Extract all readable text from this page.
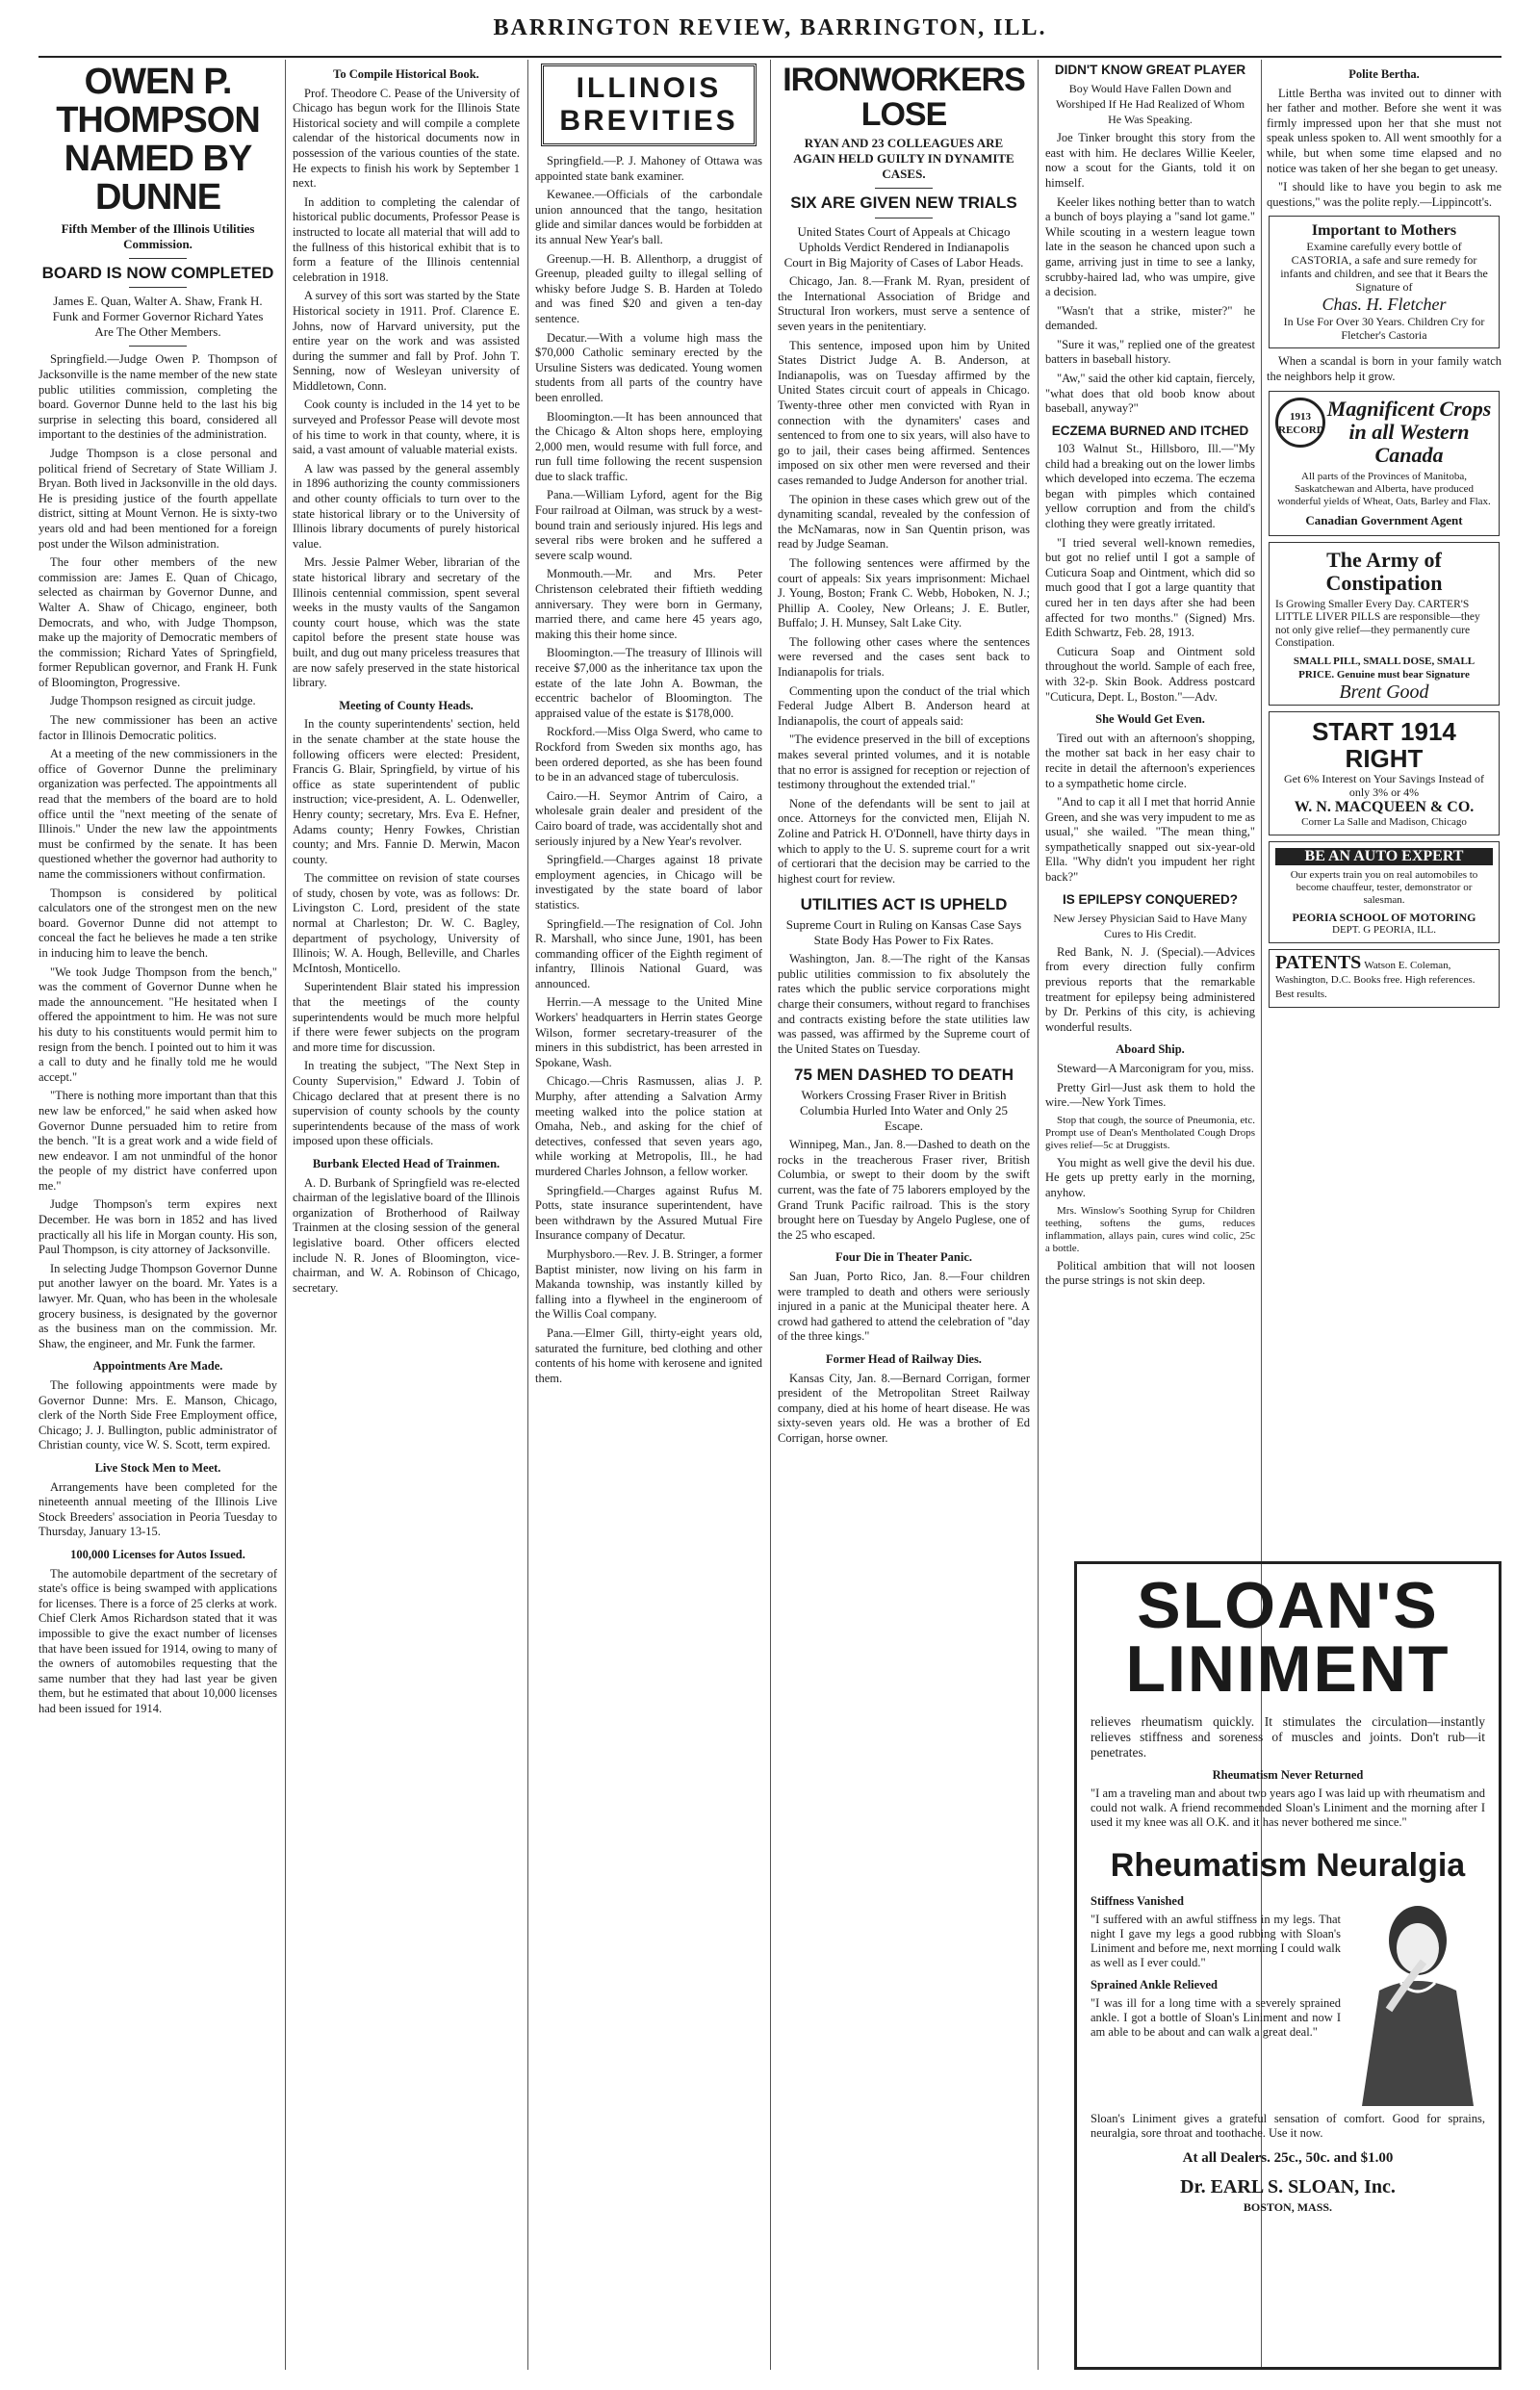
BARRINGTON REVIEW, BARRINGTON, ILL.
OWEN P. THOMPSON NAMED BY DUNNE
Fifth Member of the Illinois Utilities Commission.
BOARD IS NOW COMPLETED
James E. Quan, Walter A. Shaw, Frank H. Funk and Former Governor Richard Yates Are The Other Members.

Springfield.—Judge Owen P. Thompson of Jacksonville is the name member of the new state public utilities commission, completing the board. Governor Dunne held to the last his big surprise in selecting this board, considered all important to the destinies of the administration.

Judge Thompson is a close personal and political friend of Secretary of State William J. Bryan. Both lived in Jacksonville in the old days. He is presiding justice of the fourth appellate district, sitting at Mount Vernon. He is sixty-two years old and had been mentioned for a foreign post under the Wilson administration.

The four other members of the new commission are: James E. Quan of Chicago, selected as chairman by Governor Dunne, and Walter A. Shaw of Chicago, engineer, both Democrats, and who, with Judge Thompson, make up the majority of Democratic members of the commission; Richard Yates of Springfield, former Republican governor, and Frank H. Funk of Bloomington, Progressive.

Judge Thompson resigned as circuit judge.

The new commissioner has been an active factor in Illinois Democratic politics.

At a meeting of the new commissioners in the office of Governor Dunne the preliminary organization was perfected. The appointments all read that the members of the board are to hold office until the "next meeting of the senate of Illinois." Under the new law the appointments must be confirmed by the senate. It has been questioned whether the governor had authority to name the commissioners without confirmation.

Thompson is considered by political calculators one of the strongest men on the new board. Governor Dunne did not attempt to conceal the fact he believes he made a ten strike in inducing him to leave the bench.

"We took Judge Thompson from the bench," was the comment of Governor Dunne when he made the announcement. "He hesitated when I offered the appointment to him. He was not sure his duty to his constituents would permit him to resign from the bench. I pointed out to him it was a call to duty and he finally told me he would accept."

"There is nothing more important than that this new law be enforced," he said when asked how Governor Dunne persuaded him to retire from the bench. "It is a great work and a wide field of new endeavor. I am not unmindful of the honor the people of my district have conferred upon me."

Judge Thompson's term expires next December. He was born in 1852 and has lived practically all his life in Morgan county. His son, Paul Thompson, is city attorney of Jacksonville.

In selecting Judge Thompson Governor Dunne put another lawyer on the board. Mr. Yates is a lawyer. Mr. Quan, who has been in the wholesale grocery business, is designated by the governor as the business man on the commission. Mr. Shaw, the engineer, and Mr. Funk the farmer.

Appointments Are Made.

The following appointments were made by Governor Dunne: Mrs. E. Manson, Chicago, clerk of the North Side Free Employment office, Chicago; J. J. Bullington, public administrator of Christian county, vice W. S. Scott, term expired.

Live Stock Men to Meet.

Arrangements have been completed for the nineteenth annual meeting of the Illinois Live Stock Breeders' association in Peoria Tuesday to Thursday, January 13-15.

100,000 Licenses for Autos Issued.

The automobile department of the secretary of state's office is being swamped with applications for licenses. There is a force of 25 clerks at work. Chief Clerk Amos Richardson stated that it was impossible to give the exact number of licenses that have been issued for 1914, owing to many of the owners of automobiles requesting that the same number that they had last year be given them, but he estimated that about 10,000 licenses had been issued for 1914.

To Compile Historical Book.

Prof. Theodore C. Pease of the University of Chicago has begun work for the Illinois State Historical society and will compile a complete calendar of the historical documents now in possession of the various counties of the state. He expects to finish his work by September 1 next.

In addition to completing the calendar of historical public documents, Professor Pease is instructed to locate all material that will add to the fullness of this historical exhibit that is to form a feature of the Illinois centennial celebration in 1918.

A survey of this sort was started by the State Historical society in 1911. Prof. Clarence E. Johns, now of Harvard university, put the entire year on the work and was assisted during the summer and fall by Prof. John T. Senning, now of Wesleyan university of Middletown, Conn.

Cook county is included in the 14 yet to be surveyed and Professor Pease will devote most of his time to work in that county, where, it is said, a vast amount of valuable material exists.

A law was passed by the general assembly in 1896 authorizing the county commissioners and other county officials to turn over to the state historical library or to the University of Illinois library documents of purely historical value.

Mrs. Jessie Palmer Weber, librarian of the state historical library and secretary of the Illinois centennial commission, spent several weeks in the musty vaults of the Sangamon county court house, which was the state capitol before the present state house was built, and dug out many priceless treasures that are now safely preserved in the state historical library.

Meeting of County Heads.

In the county superintendents' section, held in the senate chamber at the state house the following officers were elected: President, Francis G. Blair, Springfield, by virtue of his office as state superintendent of public instruction; vice-president, A. L. Odenweller, Henry county; secretary, Mrs. Eva E. Hefner, Adams county; Henry Fowkes, Christian county; and Mrs. Fannie D. Merwin, Macon county.

The committee on revision of state courses of study, chosen by vote, was as follows: Dr. Livingston C. Lord, president of the state normal at Charleston; Dr. W. C. Bagley, department of psychology, University of Illinois; W. A. Hough, Belleville, and Charles McIntosh, Monticello.

Superintendent Blair stated his impression that the meetings of the county superintendents would be much more helpful if there were fewer subjects on the program and more time for discussion.

In treating the subject, "The Next Step in County Supervision," Edward J. Tobin of Chicago declared that at present there is no supervision of county schools by the county superintendents because of the mass of work imposed upon these officials.

Burbank Elected Head of Trainmen.

A. D. Burbank of Springfield was re-elected chairman of the legislative board of the Illinois organization of Brotherhood of Railway Trainmen at the closing session of the general legislative board. Other officers elected include N. R. Jones of Bloomington, vice-chairman, and W. A. Robinson of Chicago, secretary.

ILLINOIS BREVITIES

Springfield.—P. J. Mahoney of Ottawa was appointed state bank examiner.

Kewanee.—Officials of the carbondale union announced that the tango, hesitation glide and similar dances would be forbidden at its annual New Year's ball.

Greenup.—H. B. Allenthorp, a druggist of Greenup, pleaded guilty to illegal selling of whisky before Judge S. B. Harden at Toledo and was fined $20 and given a ten-day sentence.

Decatur.—With a volume high mass the $70,000 Catholic seminary erected by the Ursuline Sisters was dedicated. Young women students from all parts of the country have been enrolled.

Bloomington.—It has been announced that the Chicago & Alton shops here, employing 2,000 men, would resume with full force, and run full time following the recent suspension due to slack traffic.

Pana.—William Lyford, agent for the Big Four railroad at Oilman, was struck by a west-bound train and seriously injured. His legs and several ribs were broken and he suffered a severe scalp wound.

Monmouth.—Mr. and Mrs. Peter Christenson celebrated their fiftieth wedding anniversary. They were born in Germany, married there, and came here 45 years ago, making this their home since.

Bloomington.—The treasury of Illinois will receive $7,000 as the inheritance tax upon the estate of the late John A. Bowman, the eccentric bachelor of Bloomington. The appraised value of the estate is $178,000.

Rockford.—Miss Olga Swerd, who came to Rockford from Sweden six months ago, has been ordered deported, as she has been found to be in an advanced stage of tuberculosis.

Cairo.—H. Seymor Antrim of Cairo, a wholesale grain dealer and president of the Cairo board of trade, was accidentally shot and seriously injured by a New Year's revolver.

Springfield.—Charges against 18 private employment agencies, in Chicago will be investigated by the state board of labor statistics.

Springfield.—The resignation of Col. John R. Marshall, who since June, 1901, has been commanding officer of the Eighth regiment of infantry, Illinois National Guard, was announced.

Herrin.—A message to the United Mine Workers' headquarters in Herrin states George Wilson, former secretary-treasurer of the miners in this subdistrict, has been arrested in Spokane, Wash.

Chicago.—Chris Rasmussen, alias J. P. Murphy, after attending a Salvation Army meeting walked into the police station at Omaha, Neb., and asking for the chief of detectives, confessed that seven years ago, while working at Metropolis, Ill., he had murdered Charles Johnson, a fellow worker.

Springfield.—Charges against Rufus M. Potts, state insurance superintendent, have been withdrawn by the Assured Mutual Fire Insurance company of Decatur.

Murphysboro.—Rev. J. B. Stringer, a former Baptist minister, now living on his farm in Makanda township, was instantly killed by falling into a flywheel in the engineroom of the Willis Coal company.

Pana.—Elmer Gill, thirty-eight years old, saturated the furniture, bed clothing and other contents of his home with kerosene and ignited them.

IRONWORKERS LOSE
RYAN AND 23 COLLEAGUES ARE AGAIN HELD GUILTY IN DYNAMITE CASES.
SIX ARE GIVEN NEW TRIALS
United States Court of Appeals at Chicago Upholds Verdict Rendered in Indianapolis Court in Big Majority of Cases of Labor Heads.

Chicago, Jan. 8.—Frank M. Ryan, president of the International Association of Bridge and Structural Iron workers, must serve a sentence of seven years in the penitentiary.

This sentence, imposed upon him by United States District Judge A. B. Anderson, at Indianapolis, was on Tuesday affirmed by the United States circuit court of appeals in Chicago. Twenty-three other men convicted with Ryan in connection with the dynamiters' cases and sentenced to from one to six years, will also have to go to jail, their cases being affirmed. Sentences imposed on six other men were reversed and their cases remanded to Judge Anderson for another trial.

The opinion in these cases which grew out of the dynamiting scandal, revealed by the confession of the McNamaras, now in San Quentin prison, was read by Judge Seaman.

The following sentences were affirmed by the court of appeals: Six years imprisonment: Michael J. Young, Boston; Frank C. Webb, Hoboken, N. J.; Phillip A. Cooley, New Orleans; J. E. Butler, Buffalo; J. H. Munsey, Salt Lake City.

The following other cases where the sentences were reversed and the cases sent back to Indianapolis for trials.

Commenting upon the conduct of the trial which Federal Judge Albert B. Anderson heard at Indianapolis, the court of appeals said:

"The evidence preserved in the bill of exceptions makes several printed volumes, and it is notable that no error is assigned for reception or rejection of testimony throughout the extended trial."

None of the defendants will be sent to jail at once. Attorneys for the convicted men, Elijah N. Zoline and Patrick H. O'Donnell, have thirty days in which to apply to the U. S. supreme court for a writ of certiorari that the decision may be carried to the highest court for review.

UTILITIES ACT IS UPHELD
Supreme Court in Ruling on Kansas Case Says State Body Has Power to Fix Rates.

Washington, Jan. 8.—The right of the Kansas public utilities commission to fix absolutely the rates which the public service corporations might charge their consumers, without regard to franchises and contracts existing before the state utilities law was passed, was affirmed by the Supreme court of the United States on Tuesday.

75 MEN DASHED TO DEATH
Workers Crossing Fraser River in British Columbia Hurled Into Water and Only 25 Escape.

Winnipeg, Man., Jan. 8.—Dashed to death on the rocks in the treacherous Fraser river, British Columbia, or swept to their doom by the swift current, was the fate of 75 laborers employed by the Grand Trunk Pacific railroad. This is the story brought here on Tuesday by Angelo Puglese, one of the 25 who escaped.

Four Die in Theater Panic.

San Juan, Porto Rico, Jan. 8.—Four children were trampled to death and others were seriously injured in a panic at the Municipal theater here. A crowd had gathered to attend the celebration of "day of the three kings."

Former Head of Railway Dies.

Kansas City, Jan. 8.—Bernard Corrigan, former president of the Metropolitan Street Railway company, died at his home of heart disease. He was sixty-seven years old. He was a brother of Ed Corrigan, horse owner.

DIDN'T KNOW GREAT PLAYER
Boy Would Have Fallen Down and Worshiped If He Had Realized of Whom He Was Speaking.

Joe Tinker brought this story from the east with him. He declares Willie Keeler, now a scout for the Giants, told it on himself.

Keeler likes nothing better than to watch a bunch of boys playing a "sand lot game." While scouting in a western league town late in the season he chanced upon such a game, arriving just in time to see a lanky, scrubby-haired lad, who was umpire, give a decision.

"Wasn't that a strike, mister?" he demanded.

"Sure it was," replied one of the greatest batters in baseball history.

"Aw," said the other kid captain, fiercely, "what does that old boob know about baseball, anyway?"

ECZEMA BURNED AND ITCHED

103 Walnut St., Hillsboro, Ill.—"My child had a breaking out on the lower limbs which developed into eczema. The eczema began with pimples which contained yellow corruption and from the child's clothing they were greatly irritated.

"I tried several well-known remedies, but got no relief until I got a sample of Cuticura Soap and Ointment, which did so much good that I got a large quantity that cured her in ten days after she had been affected for two months." (Signed) Mrs. Edith Schwartz, Feb. 28, 1913.

Cuticura Soap and Ointment sold throughout the world. Sample of each free, with 32-p. Skin Book. Address postcard "Cuticura, Dept. L, Boston."—Adv.

She Would Get Even.

Tired out with an afternoon's shopping, the mother sat back in her easy chair to recite in detail the afternoon's experiences to a sympathetic home circle.

"And to cap it all I met that horrid Annie Green, and she was very impudent to me as usual," she wailed. "The mean thing," sympathetically snapped out six-year-old Ella. "Why didn't you impudent her right back?"

IS EPILEPSY CONQUERED?
New Jersey Physician Said to Have Many Cures to His Credit.

Red Bank, N. J. (Special).—Advices from every direction fully confirm previous reports that the remarkable treatment for epilepsy being administered by Dr. Perkins of this city, is achieving wonderful results.

Aboard Ship.

Steward—A Marconigram for you, miss.

Pretty Girl—Just ask them to hold the wire.—New York Times.

Stop that cough, the source of Pneumonia, etc. Prompt use of Dean's Mentholated Cough Drops gives relief—5c at Druggists.

You might as well give the devil his due. He gets up pretty early in the morning, anyhow.

Mrs. Winslow's Soothing Syrup for Children teething, softens the gums, reduces inflammation, allays pain, cures wind colic, 25c a bottle.

Political ambition that will not loosen the purse strings is not skin deep.

Polite Bertha.

Little Bertha was invited out to dinner with her father and mother. Before she went it was firmly impressed upon her that she must not speak unless spoken to. All went smoothly for a while, but when some time elapsed and no notice was taken of her she began to get uneasy.

"I should like to have you begin to ask me questions," was the polite reply.—Lippincott's.

Important to Mothers
Examine carefully every bottle of CASTORIA, a safe and sure remedy for infants and children, and see that it Bears the Signature of
Chas. H. Fletcher
In Use For Over 30 Years. Children Cry for Fletcher's Castoria

When a scandal is born in your family watch the neighbors help it grow.

1913 RECORD
Magnificent Crops in all Western Canada
All parts of the Provinces of Manitoba, Saskatchewan and Alberta, have produced wonderful yields of Wheat, Oats, Barley and Flax.
Canadian Government Agent
The Army of Constipation
Is Growing Smaller Every Day. CARTER'S LITTLE LIVER PILLS are responsible—they not only give relief—they permanently cure Constipation.
SMALL PILL, SMALL DOSE, SMALL PRICE. Genuine must bear Signature
Brent Good
START 1914 RIGHT
Get 6% Interest on Your Savings Instead of only 3% or 4%
W. N. MACQUEEN & CO.
Corner La Salle and Madison, Chicago
BE AN AUTO EXPERT
Our experts train you on real automobiles to become chauffeur, tester, demonstrator or salesman.
PEORIA SCHOOL OF MOTORING
DEPT. G PEORIA, ILL.
PATENTS Watson E. Coleman, Washington, D.C. Books free. High references. Best results.
SLOAN'S
LINIMENT
relieves rheumatism quickly. It stimulates the circulation—instantly relieves stiffness and soreness of muscles and joints. Don't rub—it penetrates.
Rheumatism Never Returned
"I am a traveling man and about two years ago I was laid up with rheumatism and could not walk. A friend recommended Sloan's Liniment and the morning after I used it my knee was all O.K. and it has never bothered me since."
Rheumatism Neuralgia
Stiffness Vanished
"I suffered with an awful stiffness in my legs. That night I gave my legs a good rubbing with Sloan's Liniment and before me, next morning I could walk as well as I ever could."
Sprained Ankle Relieved
"I was ill for a long time with a severely sprained ankle. I got a bottle of Sloan's Liniment and now I am able to be about and can walk a great deal."
Sloan's Liniment gives a grateful sensation of comfort. Good for sprains, neuralgia, sore throat and toothache. Use it now.
At all Dealers. 25c., 50c. and $1.00
Dr. EARL S. SLOAN, Inc.
BOSTON, MASS.
